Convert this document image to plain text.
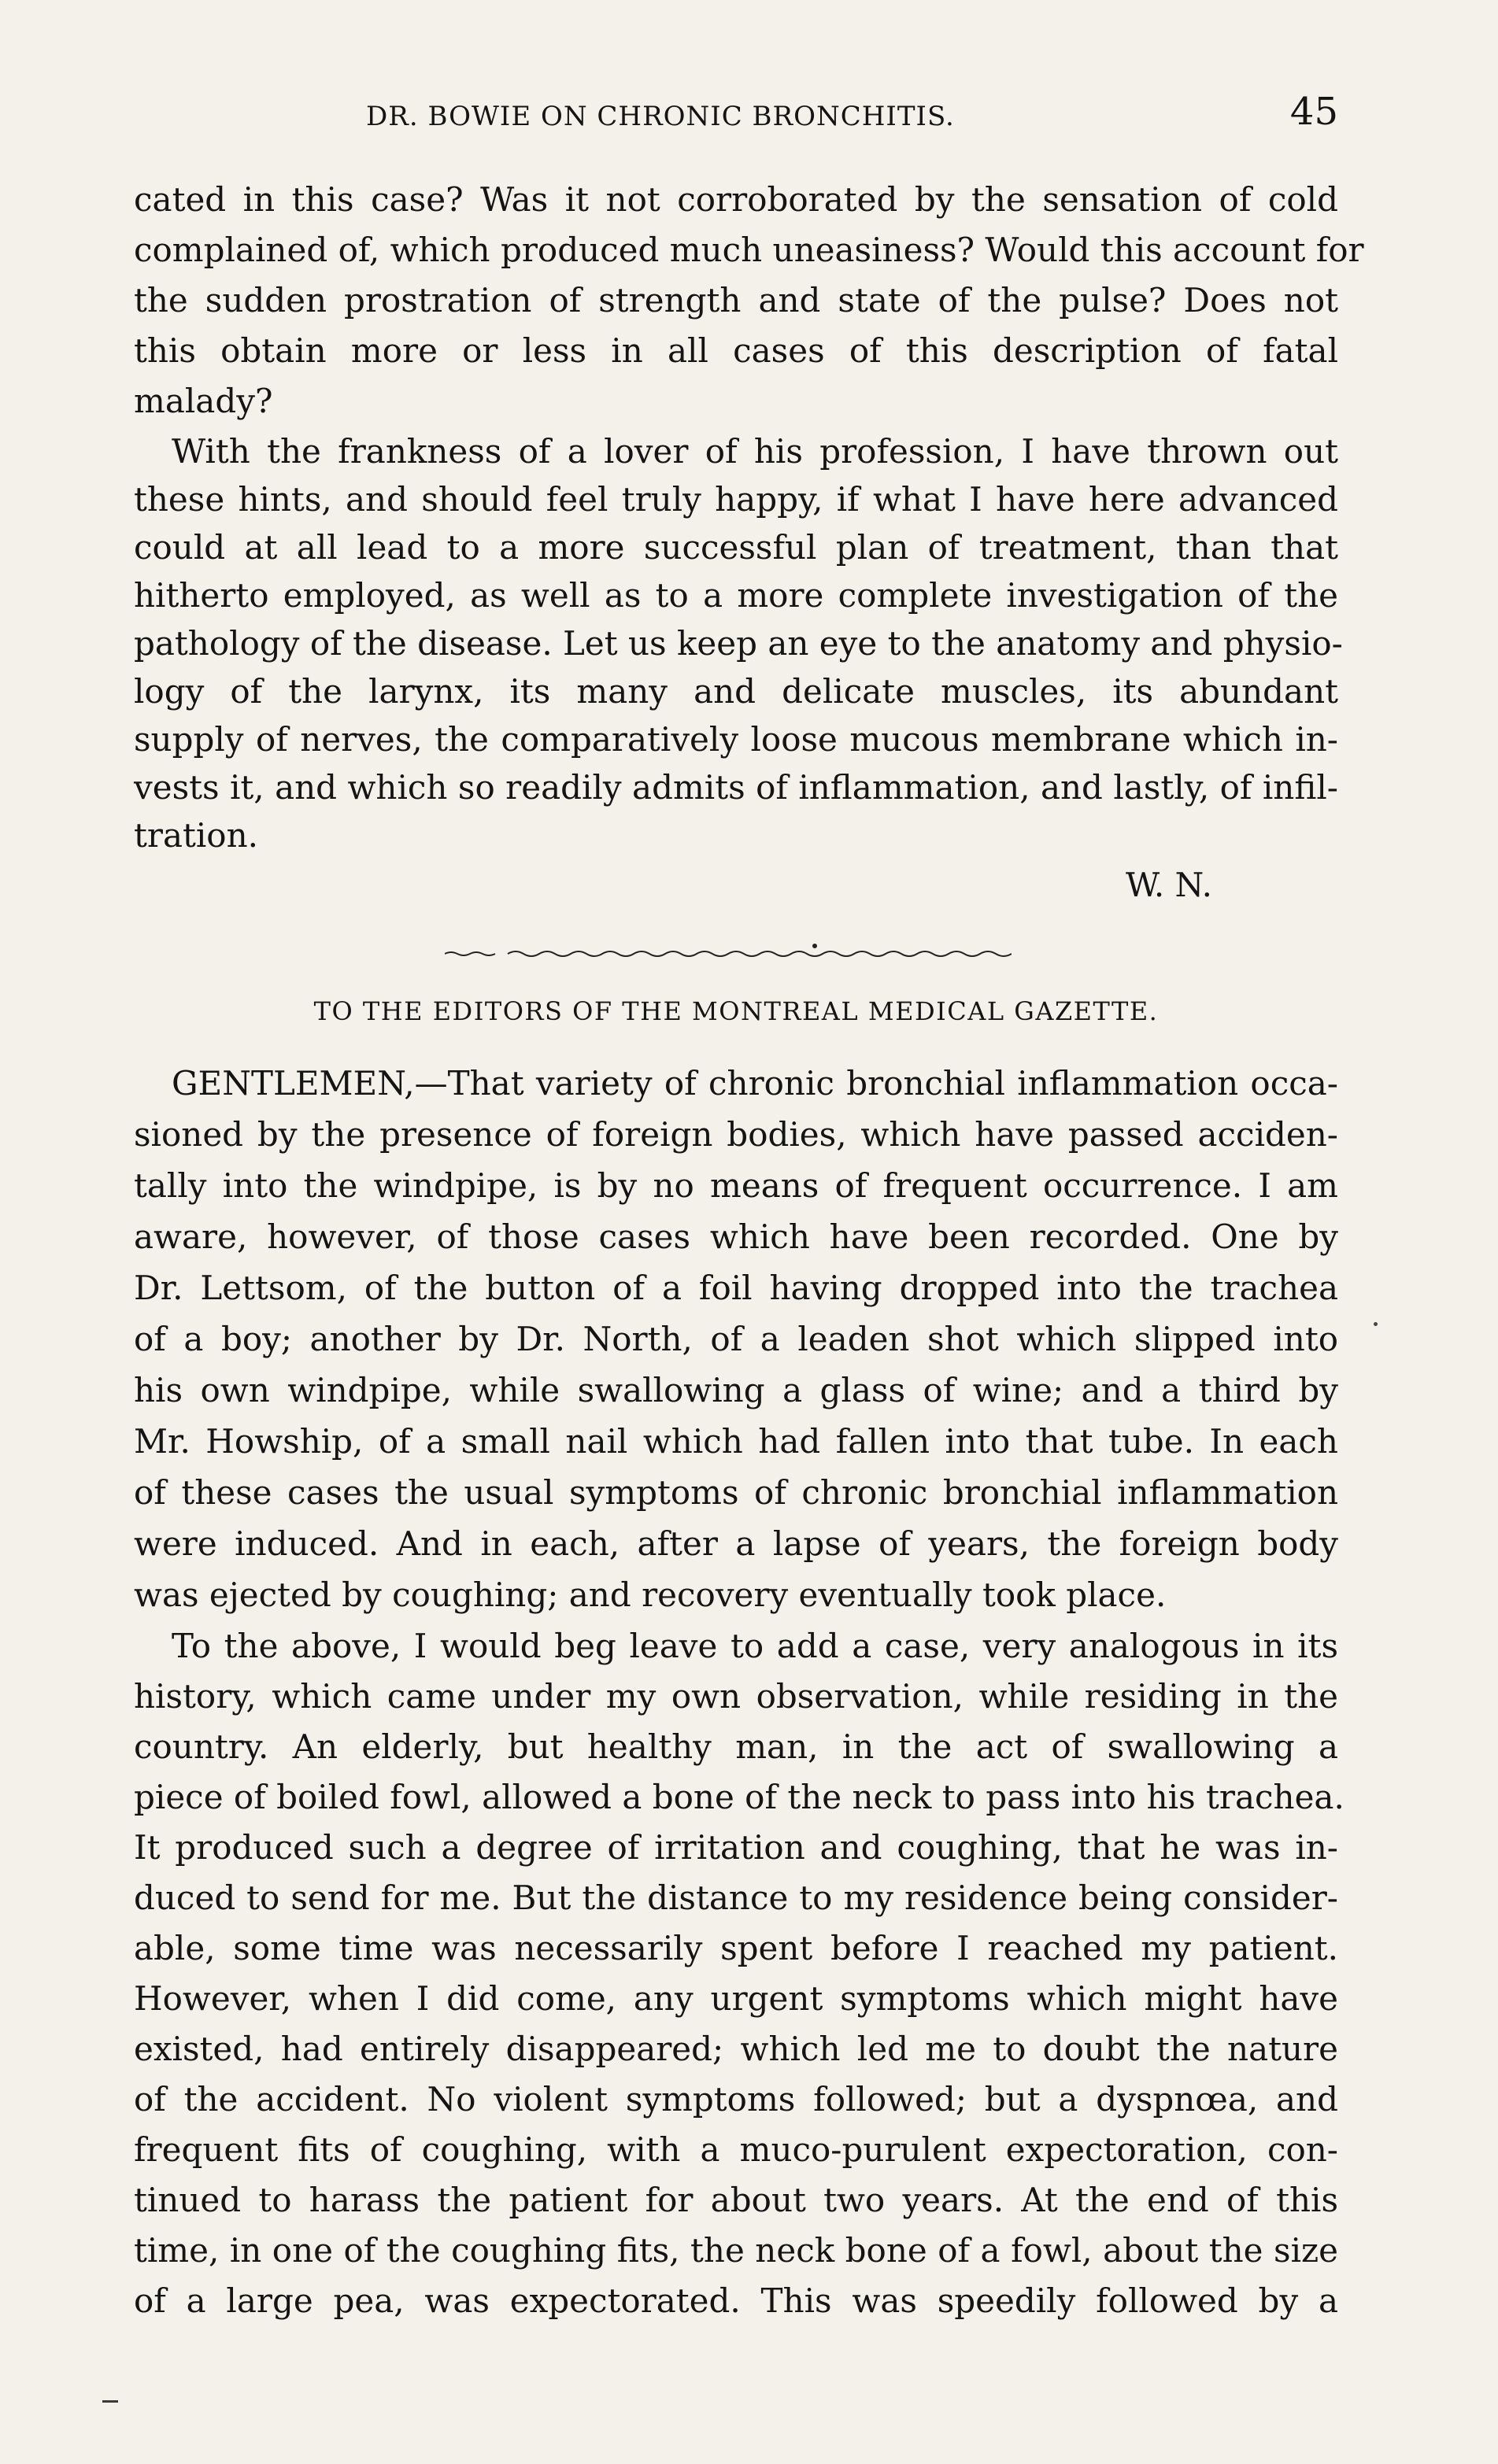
DR. BOWIE ON CHRONIC BRONCHITIS.	45
cated in this case? Was it not corroborated by the sensation of cold
complained of, which produced much uneasiness? Would this account for
the sudden prostration of strength and state of the pulse? Does not
this obtain more or less in all cases of this description of fatal
malady?
With the frankness of a lover of his profession, I have thrown out
these hints, and should feel truly happy, if what I have here advanced
could at all lead to a more successful plan of treatment, than that
hitherto employed, as well as to a more complete investigation of the
pathology of the disease. Let us keep an eye to the anatomy and physio-
logy of the larynx, its many and delicate muscles, its abundant
supply of nerves, the comparatively loose mucous membrane which in-
vests it, and which so readily admits of inflammation, and lastly, of infil-
tration.
W. N.
TO THE EDITORS OF THE MONTREAL MEDICAL GAZETTE.
GENTLEMEN,—That variety of chronic bronchial inflammation occa-
sioned by the presence of foreign bodies, which have passed acciden-
tally into the windpipe, is by no means of frequent occurrence. I am
aware, however, of those cases which have been recorded. One by
Dr. Lettsom, of the button of a foil having dropped into the trachea
of a boy; another by Dr. North, of a leaden shot which slipped into
his own windpipe, while swallowing a glass of wine; and a third by
Mr. Howship, of a small nail which had fallen into that tube. In each
of these cases the usual symptoms of chronic bronchial inflammation
were induced. And in each, after a lapse of years, the foreign body
was ejected by coughing; and recovery eventually took place.
To the above, I would beg leave to add a case, very analogous in its
history, which came under my own observation, while residing in the
country. An elderly, but healthy man, in the act of swallowing a
piece of boiled fowl, allowed a bone of the neck to pass into his trachea.
It produced such a degree of irritation and coughing, that he was in-
duced to send for me. But the distance to my residence being consider-
able, some time was necessarily spent before I reached my patient.
However, when I did come, any urgent symptoms which might have
existed, had entirely disappeared; which led me to doubt the nature
of the accident. No violent symptoms followed; but a dyspnœa, and
frequent fits of coughing, with a muco-purulent expectoration, con-
tinued to harass the patient for about two years. At the end of this
time, in one of the coughing fits, the neck bone of a fowl, about the size
of a large pea, was expectorated. This was speedily followed by a
